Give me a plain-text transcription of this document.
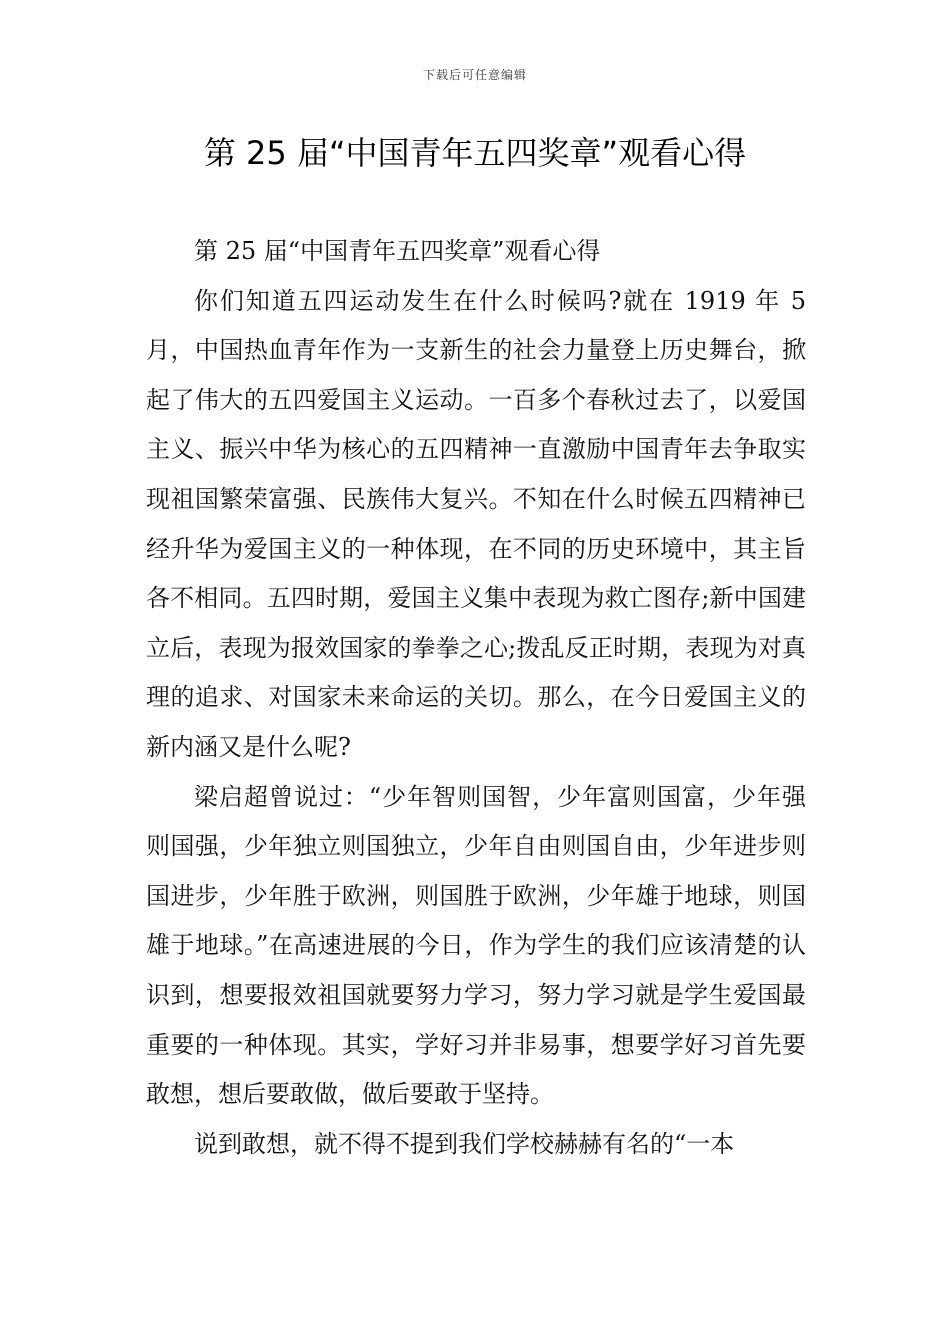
下载后可任意编辑
第 25 届“中国青年五四奖章”观看心得

第 25 届“中国青年五四奖章”观看心得

你们知道五四运动发生在什么时候吗?就在 1919 年 5 月，中国热血青年作为一支新生的社会力量登上历史舞台，掀起了伟大的五四爱国主义运动。一百多个春秋过去了，以爱国主义、振兴中华为核心的五四精神一直激励中国青年去争取实现祖国繁荣富强、民族伟大复兴。不知在什么时候五四精神已经升华为爱国主义的一种体现，在不同的历史环境中，其主旨各不相同。五四时期，爱国主义集中表现为救亡图存;新中国建立后，表现为报效国家的拳拳之心;拨乱反正时期，表现为对真理的追求、对国家未来命运的关切。那么，在今日爱国主义的新内涵又是什么呢?

梁启超曾说过：“少年智则国智，少年富则国富，少年强则国强，少年独立则国独立，少年自由则国自由，少年进步则国进步，少年胜于欧洲，则国胜于欧洲，少年雄于地球，则国雄于地球。”在高速进展的今日，作为学生的我们应该清楚的认识到，想要报效祖国就要努力学习，努力学习就是学生爱国最重要的一种体现。其实，学好习并非易事，想要学好习首先要敢想，想后要敢做，做后要敢于坚持。

说到敢想，就不得不提到我们学校赫赫有名的“一本
